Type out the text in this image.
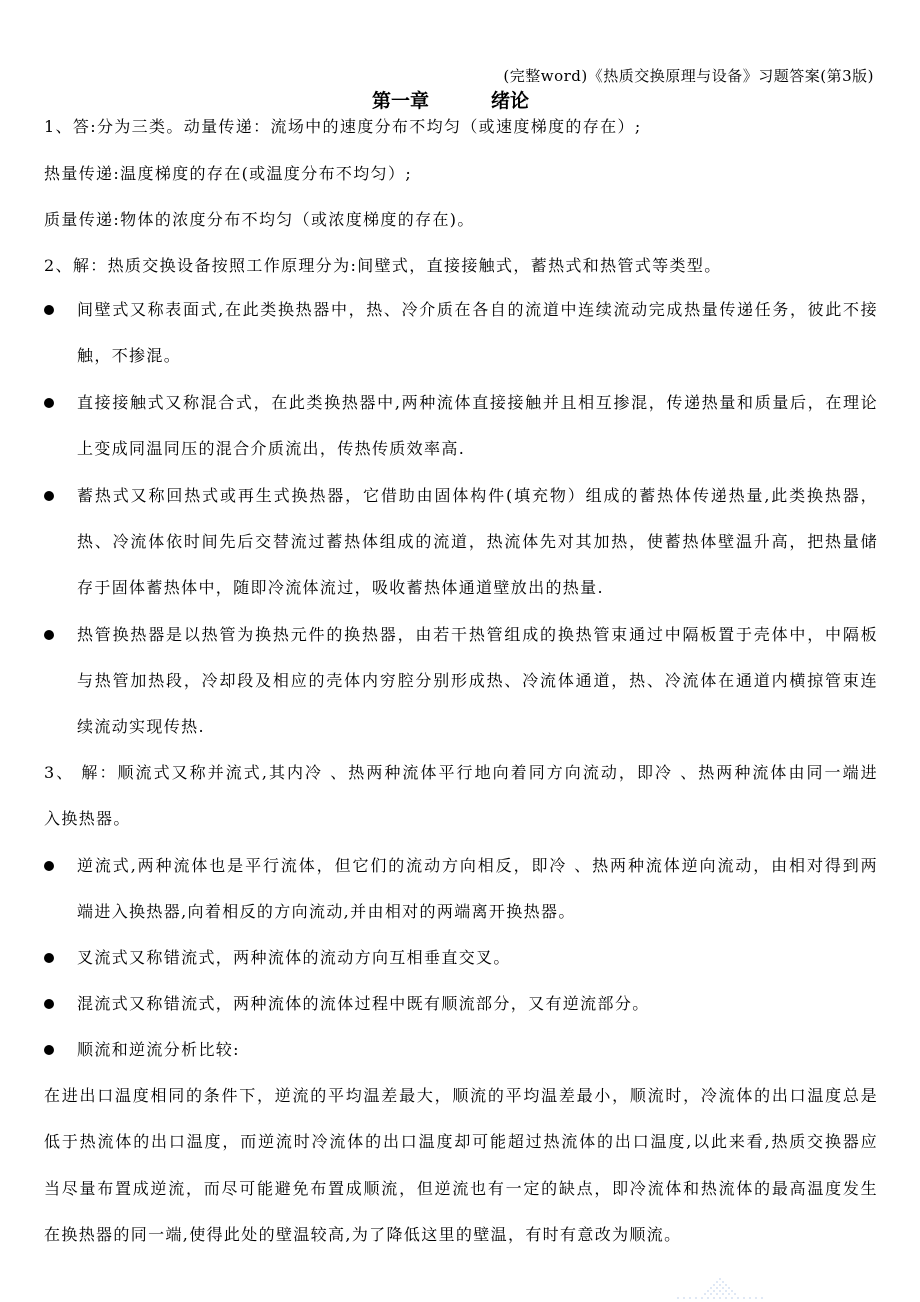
(完整word)《热质交换原理与设备》习题答案(第3版)
第一章	绪论
1、答:分为三类。动量传递：流场中的速度分布不均匀（或速度梯度的存在）;
热量传递:温度梯度的存在(或温度分布不均匀）;
质量传递:物体的浓度分布不均匀（或浓度梯度的存在)。
2、解：热质交换设备按照工作原理分为:间壁式，直接接触式，蓄热式和热管式等类型。
间壁式又称表面式,在此类换热器中，热、冷介质在各自的流道中连续流动完成热量传递任务，彼此不接
触，不掺混。
直接接触式又称混合式，在此类换热器中,两种流体直接接触并且相互掺混，传递热量和质量后，在理论
上变成同温同压的混合介质流出，传热传质效率高.
蓄热式又称回热式或再生式换热器，它借助由固体构件(填充物）组成的蓄热体传递热量,此类换热器，
热、冷流体依时间先后交替流过蓄热体组成的流道，热流体先对其加热，使蓄热体壁温升高，把热量储
存于固体蓄热体中，随即冷流体流过，吸收蓄热体通道壁放出的热量.
热管换热器是以热管为换热元件的换热器，由若干热管组成的换热管束通过中隔板置于壳体中，中隔板
与热管加热段，冷却段及相应的壳体内穷腔分别形成热、冷流体通道，热、冷流体在通道内横掠管束连
续流动实现传热.
3、 解：顺流式又称并流式,其内冷 、热两种流体平行地向着同方向流动，即冷 、热两种流体由同一端进
入换热器。
逆流式,两种流体也是平行流体，但它们的流动方向相反，即冷 、热两种流体逆向流动，由相对得到两
端进入换热器,向着相反的方向流动,并由相对的两端离开换热器。
叉流式又称错流式，两种流体的流动方向互相垂直交叉。
混流式又称错流式，两种流体的流体过程中既有顺流部分，又有逆流部分。
顺流和逆流分析比较:
在进出口温度相同的条件下，逆流的平均温差最大，顺流的平均温差最小，顺流时，冷流体的出口温度总是
低于热流体的出口温度，而逆流时冷流体的出口温度却可能超过热流体的出口温度,以此来看,热质交换器应
当尽量布置成逆流，而尽可能避免布置成顺流，但逆流也有一定的缺点，即冷流体和热流体的最高温度发生
在换热器的同一端,使得此处的壁温较高,为了降低这里的壁温，有时有意改为顺流。
